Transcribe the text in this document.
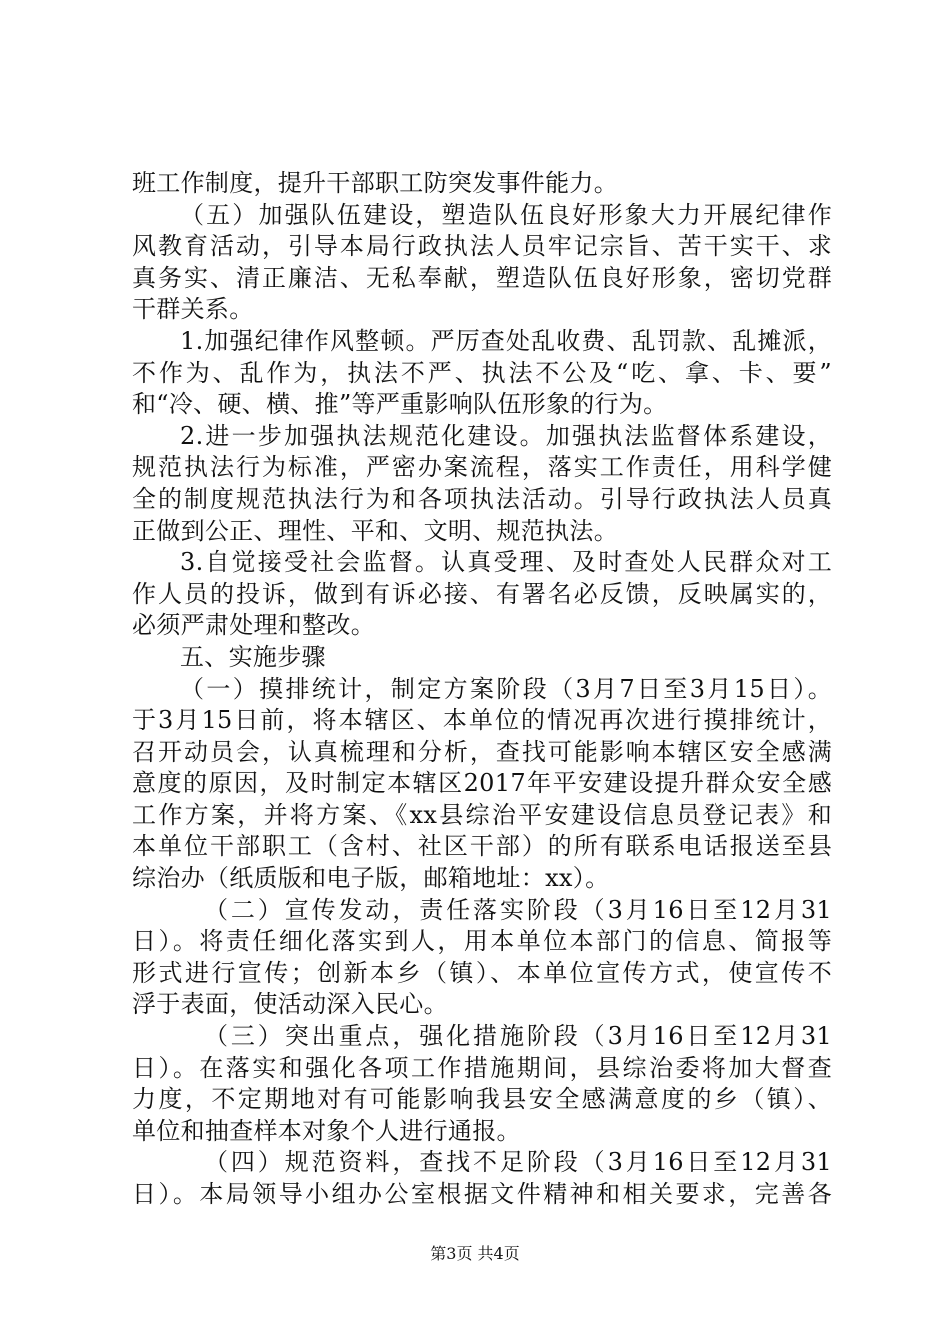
班工作制度，提升干部职工防突发事件能力。
（五）加强队伍建设，塑造队伍良好形象大力开展纪律作
风教育活动，引导本局行政执法人员牢记宗旨、苦干实干、求
真务实、清正廉洁、无私奉献，塑造队伍良好形象，密切党群
干群关系。
1.加强纪律作风整顿。严厉查处乱收费、乱罚款、乱摊派，
不作为、乱作为，执法不严、执法不公及“吃、拿、卡、要”
和“冷、硬、横、推”等严重影响队伍形象的行为。
2.进一步加强执法规范化建设。加强执法监督体系建设，
规范执法行为标准，严密办案流程，落实工作责任，用科学健
全的制度规范执法行为和各项执法活动。引导行政执法人员真
正做到公正、理性、平和、文明、规范执法。
3.自觉接受社会监督。认真受理、及时查处人民群众对工
作人员的投诉，做到有诉必接、有署名必反馈，反映属实的，
必须严肃处理和整改。
五、实施步骤
（一）摸排统计，制定方案阶段（3月7日至3月15日）。
于3月15日前，将本辖区、本单位的情况再次进行摸排统计，
召开动员会，认真梳理和分析，查找可能影响本辖区安全感满
意度的原因，及时制定本辖区2017年平安建设提升群众安全感
工作方案，并将方案、《xx县综治平安建设信息员登记表》和
本单位干部职工（含村、社区干部）的所有联系电话报送至县
综治办（纸质版和电子版，邮箱地址：xx）。
（二）宣传发动，责任落实阶段（3月16日至12月31
日）。将责任细化落实到人，用本单位本部门的信息、简报等
形式进行宣传；创新本乡（镇）、本单位宣传方式，使宣传不
浮于表面，使活动深入民心。
（三）突出重点，强化措施阶段（3月16日至12月31
日）。在落实和强化各项工作措施期间，县综治委将加大督查
力度，不定期地对有可能影响我县安全感满意度的乡（镇）、
单位和抽查样本对象个人进行通报。
（四）规范资料，查找不足阶段（3月16日至12月31
日）。本局领导小组办公室根据文件精神和相关要求，完善各
第3页 共4页
